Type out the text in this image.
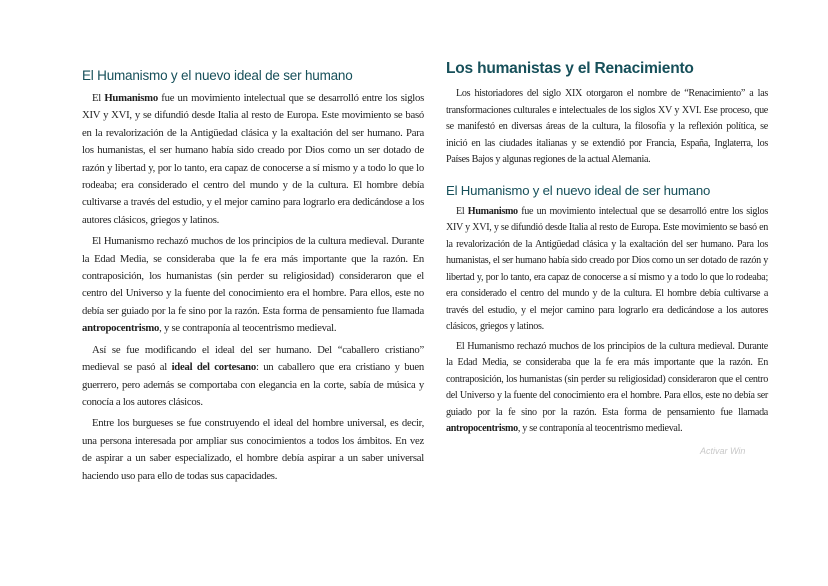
El Humanismo y el nuevo ideal de ser humano

El Humanismo fue un movimiento intelectual que se desarrolló entre los siglos XIV y XVI, y se difundió desde Italia al resto de Europa. Este movimiento se basó en la revalorización de la Antigüedad clásica y la exaltación del ser humano. Para los humanistas, el ser humano había sido creado por Dios como un ser dotado de razón y libertad y, por lo tanto, era capaz de conocerse a sí mismo y a todo lo que lo rodeaba; era considerado el centro del mundo y de la cultura. El hombre debía cultivarse a través del estudio, y el mejor camino para lograrlo era dedicándose a los autores clásicos, griegos y latinos.

El Humanismo rechazó muchos de los principios de la cultura medieval. Durante la Edad Media, se consideraba que la fe era más importante que la razón. En contraposición, los humanistas (sin perder su religiosidad) consideraron que el centro del Universo y la fuente del conocimiento era el hombre. Para ellos, este no debía ser guiado por la fe sino por la razón. Esta forma de pensamiento fue llamada antropocentrismo, y se contraponía al teocentrismo medieval.

Así se fue modificando el ideal del ser humano. Del “caballero cristiano” medieval se pasó al ideal del cortesano: un caballero que era cristiano y buen guerrero, pero además se comportaba con elegancia en la corte, sabía de música y conocía a los autores clásicos.

Entre los burgueses se fue construyendo el ideal del hombre universal, es decir, una persona interesada por ampliar sus conocimientos a todos los ámbitos. En vez de aspirar a un saber especializado, el hombre debía aspirar a un saber universal haciendo uso para ello de todas sus capacidades.

Los humanistas y el Renacimiento

Los historiadores del siglo XIX otorgaron el nombre de “Renacimiento” a las transformaciones culturales e intelectuales de los siglos XV y XVI. Ese proceso, que se manifestó en diversas áreas de la cultura, la filosofía y la reflexión política, se inició en las ciudades italianas y se extendió por Francia, España, Inglaterra, los Países Bajos y algunas regiones de la actual Alemania.

El Humanismo y el nuevo ideal de ser humano

El Humanismo fue un movimiento intelectual que se desarrolló entre los siglos XIV y XVI, y se difundió desde Italia al resto de Europa. Este movimiento se basó en la revalorización de la Antigüedad clásica y la exaltación del ser humano. Para los humanistas, el ser humano había sido creado por Dios como un ser dotado de razón y libertad y, por lo tanto, era capaz de conocerse a sí mismo y a todo lo que lo rodeaba; era considerado el centro del mundo y de la cultura. El hombre debía cultivarse a través del estudio, y el mejor camino para lograrlo era dedicándose a los autores clásicos, griegos y latinos.

El Humanismo rechazó muchos de los principios de la cultura medieval. Durante la Edad Media, se consideraba que la fe era más importante que la razón. En contraposición, los humanistas (sin perder su religiosidad) consideraron que el centro del Universo y la fuente del conocimiento era el hombre. Para ellos, este no debía ser guiado por la fe sino por la razón. Esta forma de pensamiento fue llamada antropocentrismo, y se contraponía al teocentrismo medieval.

Activar Win
